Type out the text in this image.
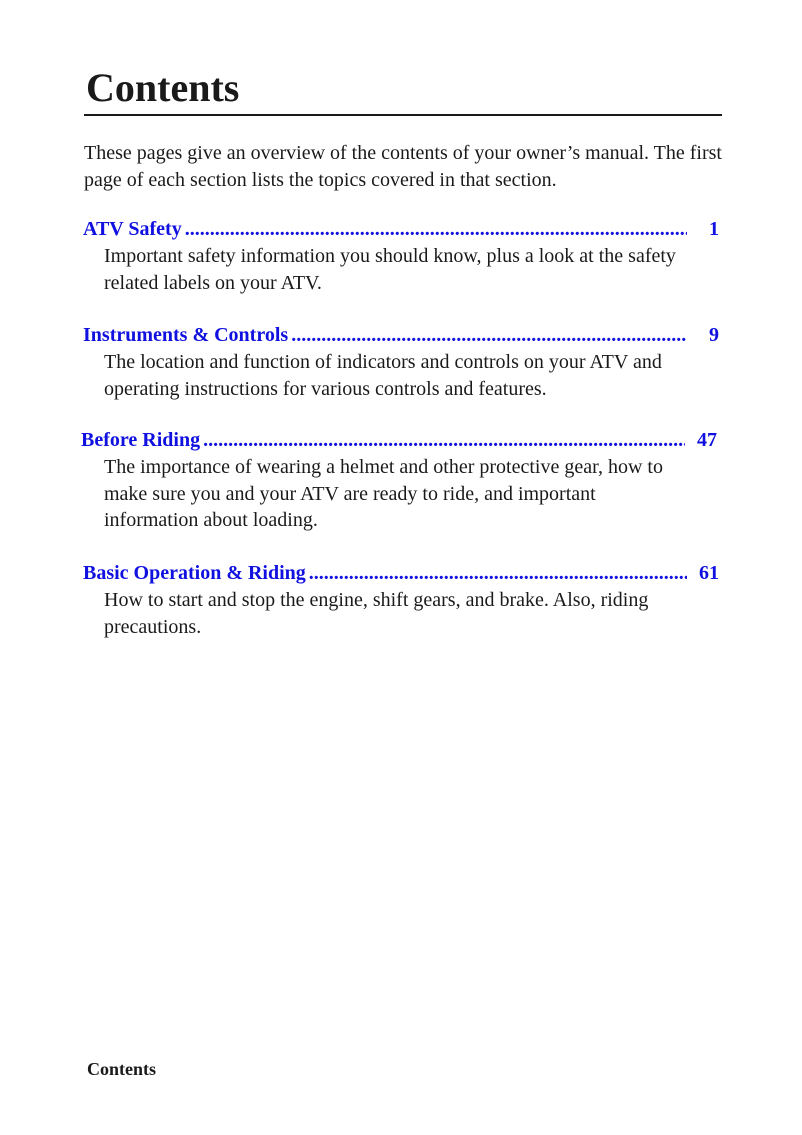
Contents

These pages give an overview of the contents of your owner’s manual. The first page of each section lists the topics covered in that section.

ATV Safety .....	1

Important safety information you should know, plus a look at the safety related labels on your ATV.

Instruments & Controls .....	9

The location and function of indicators and controls on your ATV and operating instructions for various controls and features.

Before Riding .....	47

The importance of wearing a helmet and other protective gear, how to make sure you and your ATV are ready to ride, and important information about loading.

Basic Operation & Riding .....	61

How to start and stop the engine, shift gears, and brake. Also, riding precautions.

Contents
